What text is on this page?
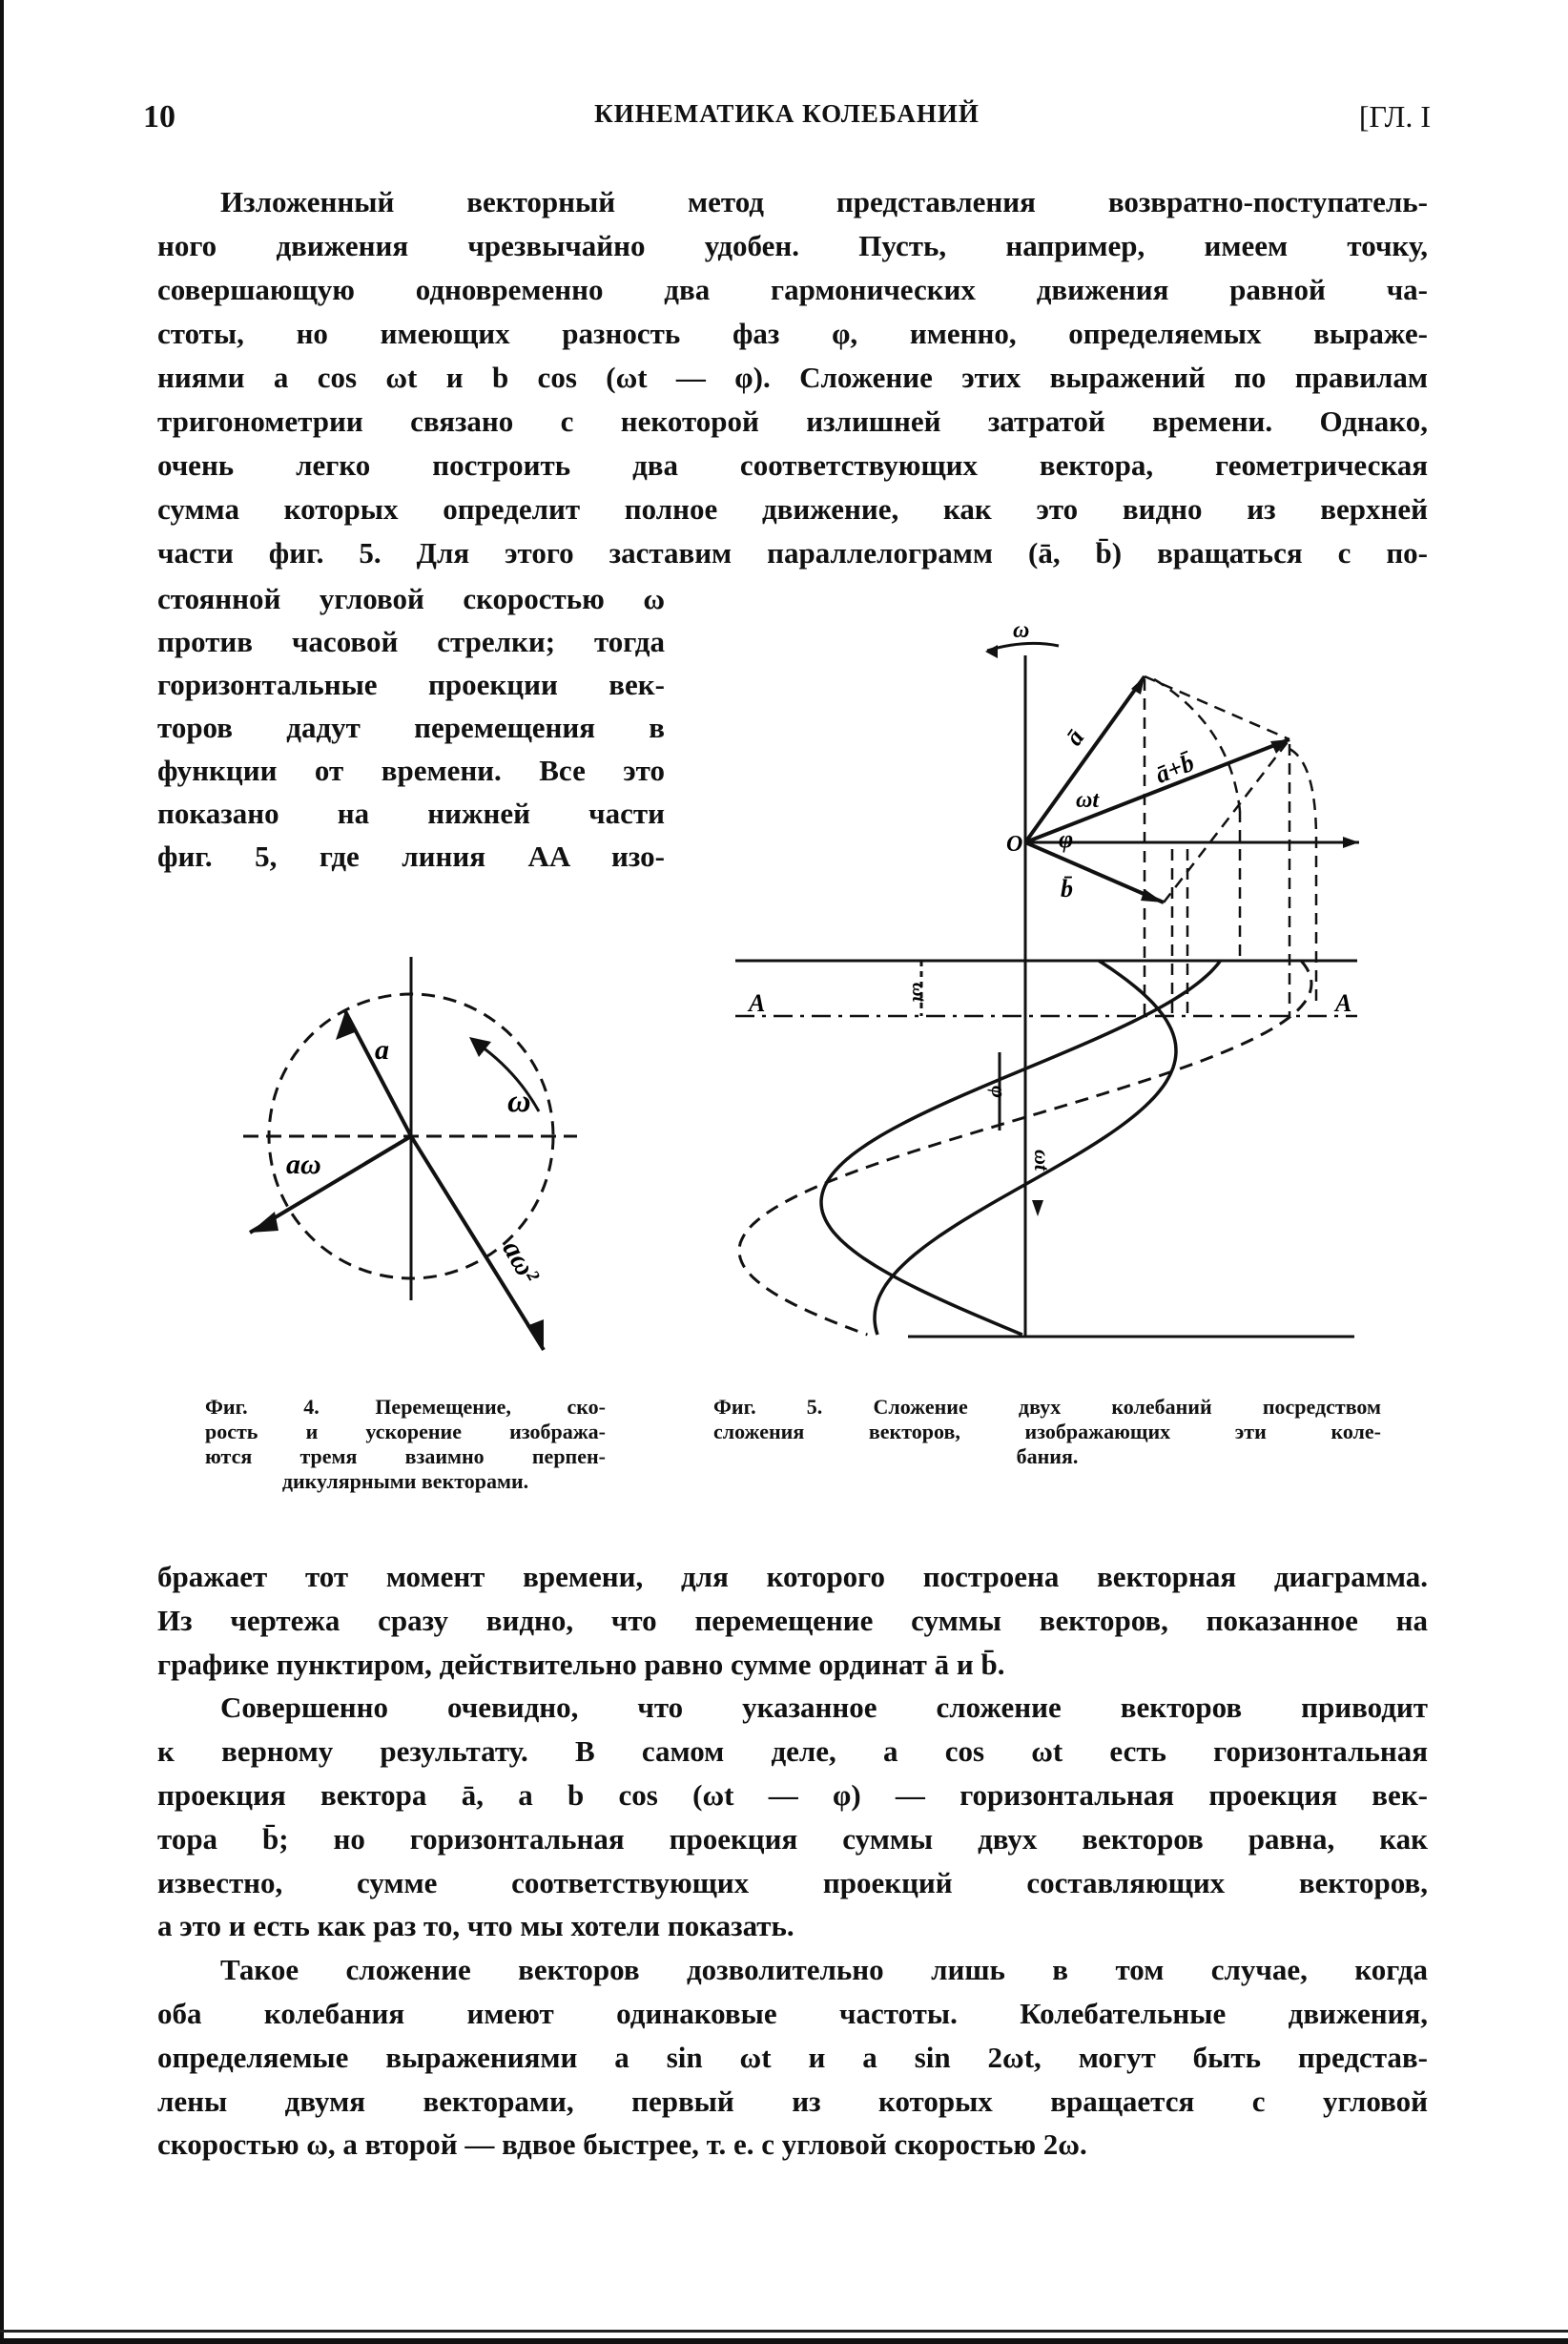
10	КИНЕМАТИКА КОЛЕБАНИЙ	[ГЛ. I
Изложенный векторный метод представления возвратно-поступатель-
ного движения чрезвычайно удобен. Пусть, например, имеем точку,
совершающую одновременно два гармонических движения равной ча-
стоты, но имеющих разность фаз φ, именно, определяемых выраже-
ниями a cos ωt и b cos (ωt — φ). Сложение этих выражений по правилам
тригонометрии связано с некоторой излишней затратой времени. Однако,
очень легко построить два соответствующих вектора, геометрическая
сумма которых определит полное движение, как это видно из верхней
части фиг. 5. Для этого заставим параллелограмм (ā, b̄) вращаться с по-
стоянной угловой скоростью ω
против часовой стрелки; тогда
горизонтальные проекции век-
торов дадут перемещения в
функции от времени. Все это
показано на нижней части
фиг. 5, где линия AA изо-
бражает тот момент времени, для которого построена векторная диаграмма.
Из чертежа сразу видно, что перемещение суммы векторов, показанное на
графике пунктиром, действительно равно сумме ординат ā и b̄.
Совершенно очевидно, что указанное сложение векторов приводит
к верному результату. В самом деле, a cos ωt есть горизонтальная
проекция вектора ā, а b cos (ωt — φ) — горизонтальная проекция век-
тора b̄; но горизонтальная проекция суммы двух векторов равна, как
известно, сумме соответствующих проекций составляющих векторов,
а это и есть как раз то, что мы хотели показать.
Такое сложение векторов дозволительно лишь в том случае, когда
оба колебания имеют одинаковые частоты. Колебательные движения,
определяемые выражениями a sin ωt и a sin 2ωt, могут быть представ-
лены двумя векторами, первый из которых вращается с угловой
скоростью ω, а второй — вдвое быстрее, т. е. с угловой скоростью 2ω.
a
ω
aω
aω²
ω
ā
ā+b̄
ωt
φ
O
b̄
A	A
ωt
φ
ωt
Фиг. 4. Перемещение, ско-
рость и ускорение изобража-
ются тремя взаимно перпен-
дикулярными векторами.
Фиг. 5. Сложение двух колебаний посредством
сложения векторов, изображающих эти коле-
бания.
